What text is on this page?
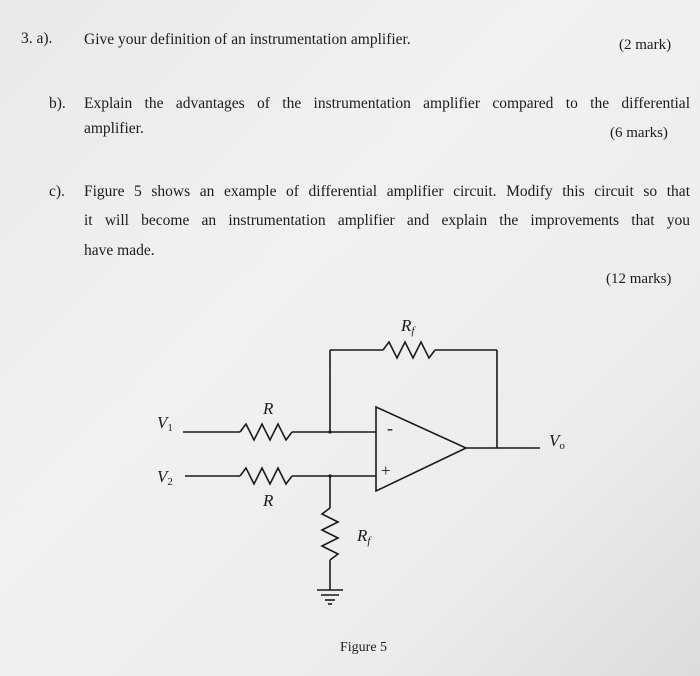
3. a). Give your definition of an instrumentation amplifier.	(2 mark)
b). Explain the advantages of the instrumentation amplifier compared to the differential
amplifier.	(6 marks)
c). Figure 5 shows an example of differential amplifier circuit. Modify this circuit so that
it will become an instrumentation amplifier and explain the improvements that you
have made.
(12 marks)
$R_f$
$V_1$
R
-
+
$V_o$
$V_2$
R
$R_f$
Figure 5
